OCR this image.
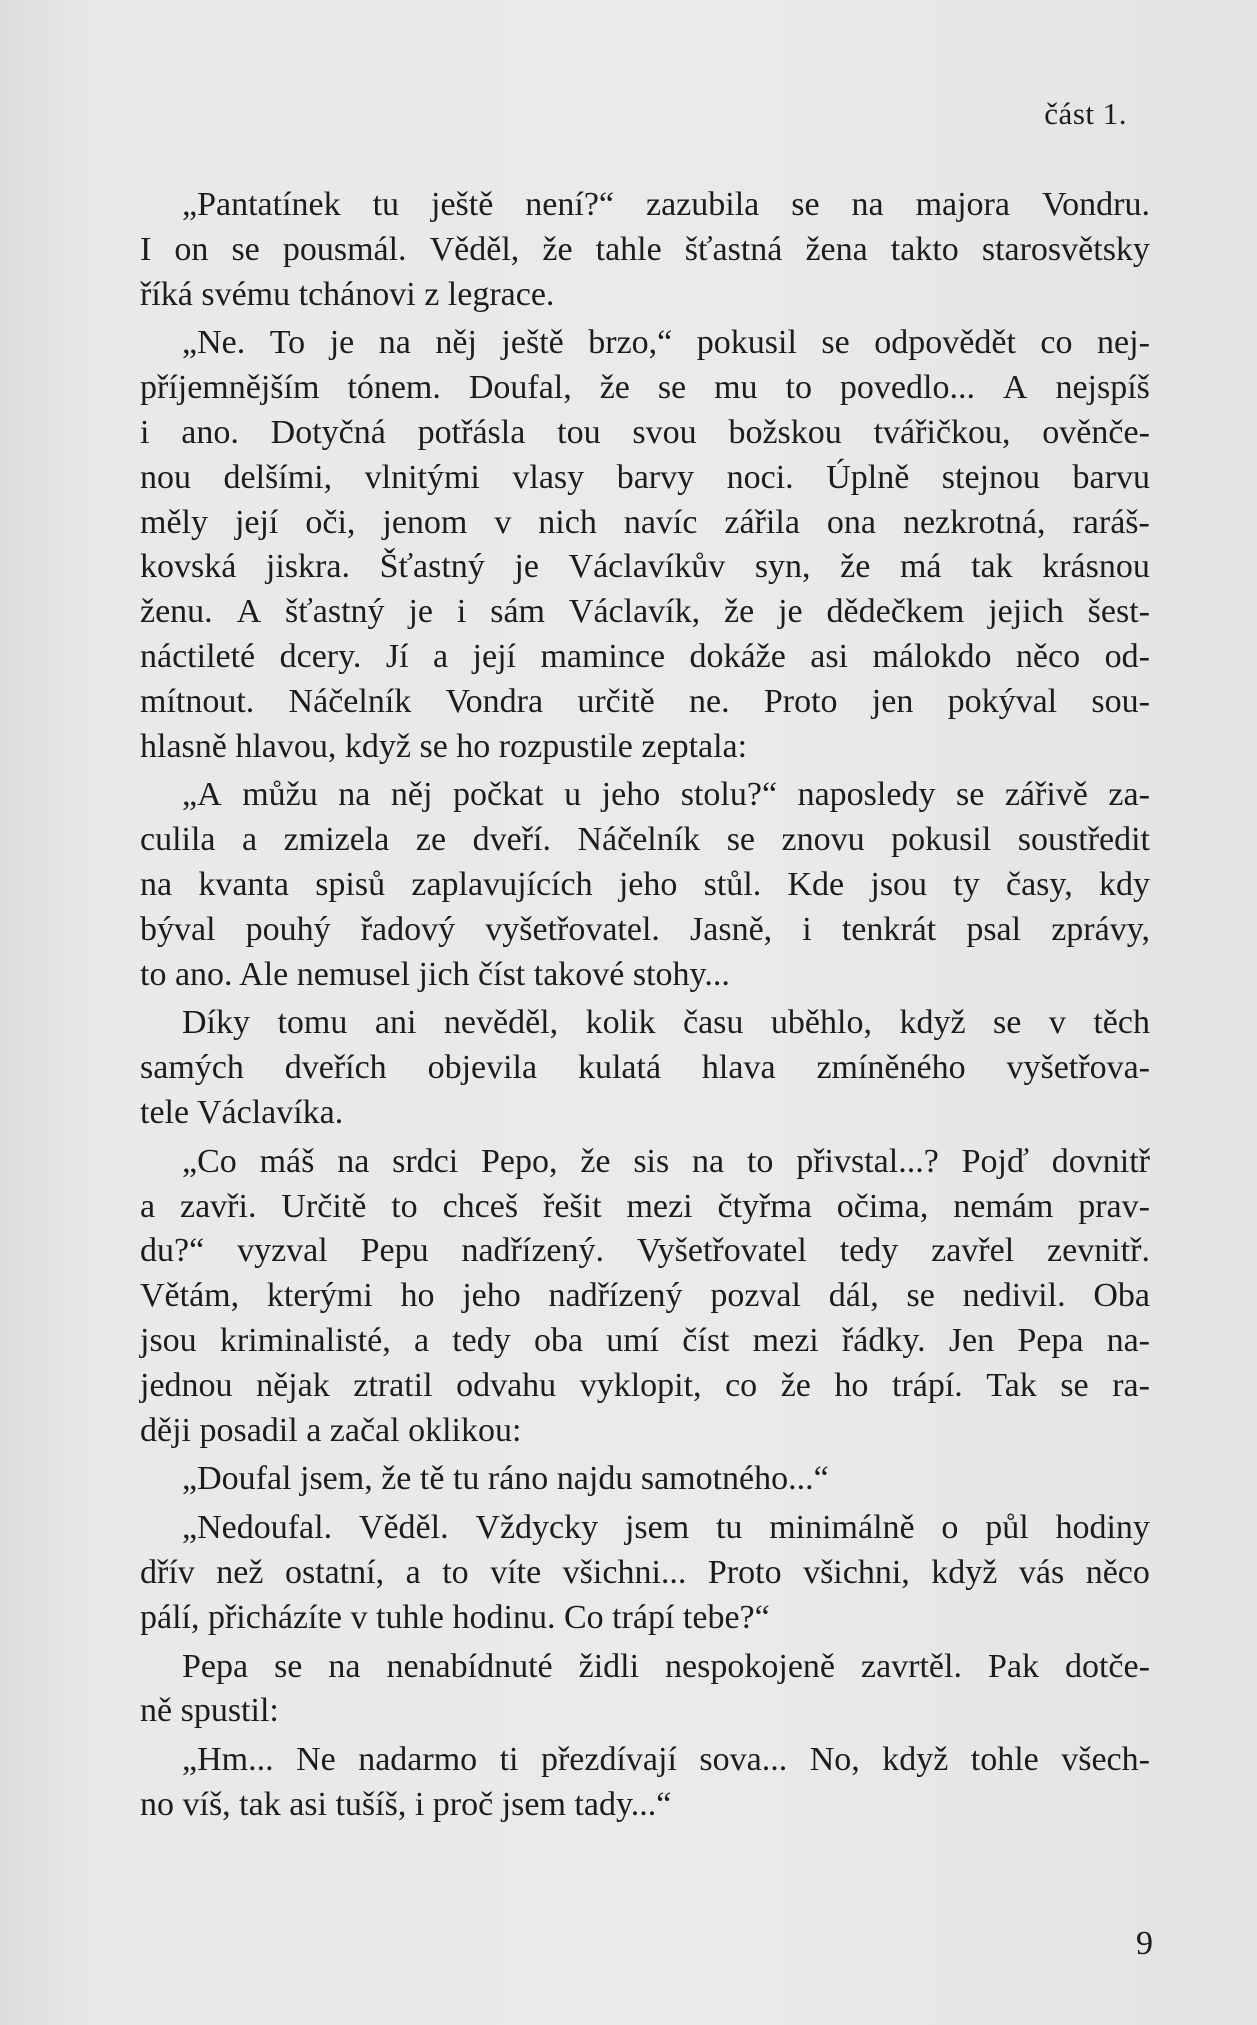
část 1.
„Pantatínek tu ještě není?“ zazubila se na majora Vondru.
I on se pousmál. Věděl, že tahle šťastná žena takto starosvětsky
říká svému tchánovi z legrace.
„Ne. To je na něj ještě brzo,“ pokusil se odpovědět co nej-
příjemnějším tónem. Doufal, že se mu to povedlo... A nejspíš
i ano. Dotyčná potřásla tou svou božskou tvářičkou, ověnče-
nou delšími, vlnitými vlasy barvy noci. Úplně stejnou barvu
měly její oči, jenom v nich navíc zářila ona nezkrotná, raráš-
kovská jiskra. Šťastný je Václavíkův syn, že má tak krásnou
ženu. A šťastný je i sám Václavík, že je dědečkem jejich šest-
náctileté dcery. Jí a její mamince dokáže asi málokdo něco od-
mítnout. Náčelník Vondra určitě ne. Proto jen pokýval sou-
hlasně hlavou, když se ho rozpustile zeptala:
„A můžu na něj počkat u jeho stolu?“ naposledy se zářivě za-
culila a zmizela ze dveří. Náčelník se znovu pokusil soustředit
na kvanta spisů zaplavujících jeho stůl. Kde jsou ty časy, kdy
býval pouhý řadový vyšetřovatel. Jasně, i tenkrát psal zprávy,
to ano. Ale nemusel jich číst takové stohy...
Díky tomu ani nevěděl, kolik času uběhlo, když se v těch
samých dveřích objevila kulatá hlava zmíněného vyšetřova-
tele Václavíka.
„Co máš na srdci Pepo, že sis na to přivstal...? Pojď dovnitř
a zavři. Určitě to chceš řešit mezi čtyřma očima, nemám prav-
du?“ vyzval Pepu nadřízený. Vyšetřovatel tedy zavřel zevnitř.
Větám, kterými ho jeho nadřízený pozval dál, se nedivil. Oba
jsou kriminalisté, a tedy oba umí číst mezi řádky. Jen Pepa na-
jednou nějak ztratil odvahu vyklopit, co že ho trápí. Tak se ra-
ději posadil a začal oklikou:
„Doufal jsem, že tě tu ráno najdu samotného...“
„Nedoufal. Věděl. Vždycky jsem tu minimálně o půl hodiny
dřív než ostatní, a to víte všichni... Proto všichni, když vás něco
pálí, přicházíte v tuhle hodinu. Co trápí tebe?“
Pepa se na nenabídnuté židli nespokojeně zavrtěl. Pak dotče-
ně spustil:
„Hm... Ne nadarmo ti přezdívají sova... No, když tohle všech-
no víš, tak asi tušíš, i proč jsem tady...“
9
